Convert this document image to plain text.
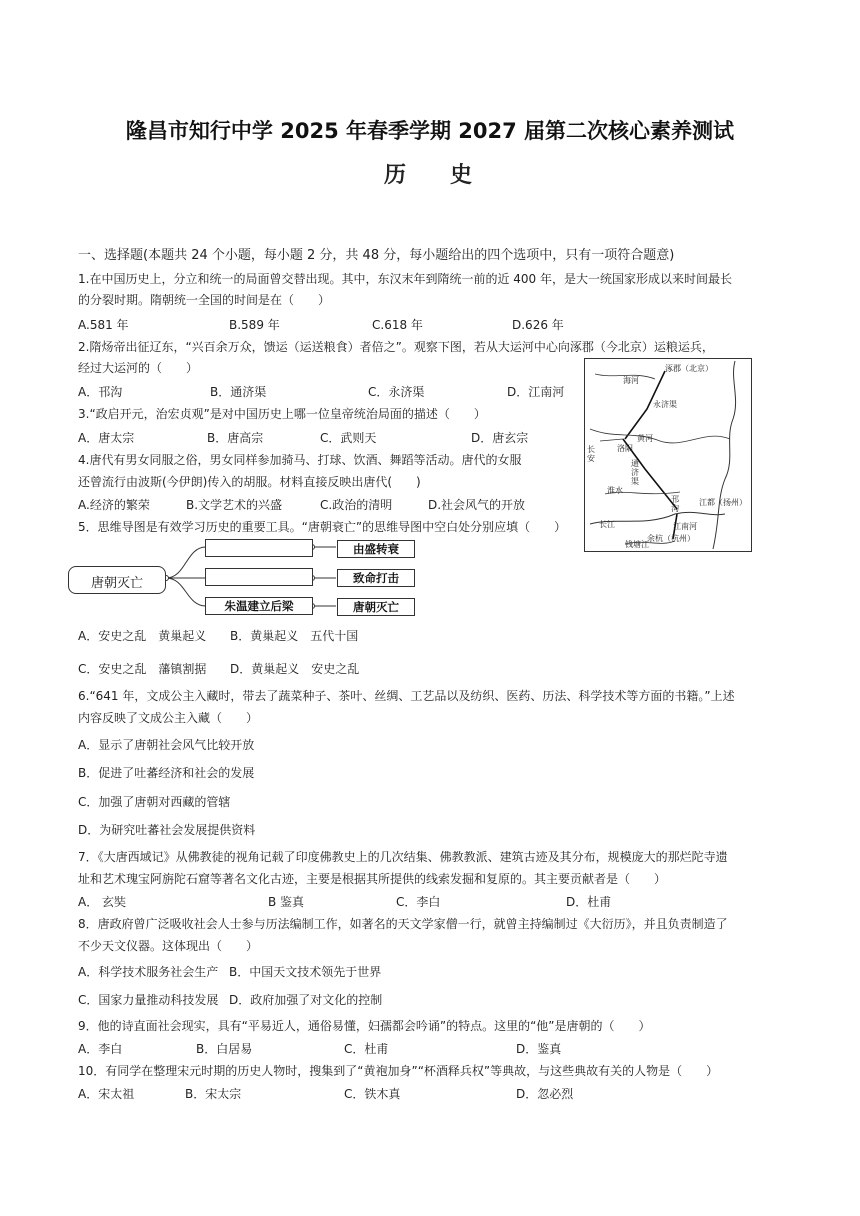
隆昌市知行中学 2025 年春季学期 2027 届第二次核心素养测试
历史
一、选择题(本题共 24 个小题，每小题 2 分，共 48 分，每小题给出的四个选项中，只有一项符合题意)
1.在中国历史上，分立和统一的局面曾交替出现。其中，东汉末年到隋统一前的近 400 年，是大一统国家形成以来时间最长
的分裂时期。隋朝统一全国的时间是在（　　）
A.581 年	B.589 年	C.618 年	D.626 年
2.隋炀帝出征辽东，“兴百余万众，馈运（运送粮食）者倍之”。观察下图，若从大运河中心向涿郡（今北京）运粮运兵，
经过大运河的（　　）
A．邗沟	B．通济渠	C．永济渠	D．江南河
3.“政启开元，治宏贞观”是对中国历史上哪一位皇帝统治局面的描述（　　）
A．唐太宗	B．唐高宗	C．武则天	D．唐玄宗
4.唐代有男女同服之俗，男女同样参加骑马、打球、饮酒、舞蹈等活动。唐代的女服
还曾流行由波斯(今伊朗)传入的胡服。材料直接反映出唐代(　　)
A.经济的繁荣	B.文学艺术的兴盛	C.政治的清明	D.社会风气的开放
5．思维导图是有效学习历史的重要工具。“唐朝衰亡”的思维导图中空白处分别应填（　　）
唐朝灭亡
朱温建立后梁
由盛转衰
致命打击
唐朝灭亡
A．安史之乱　黄巢起义 B．黄巢起义　五代十国
C．安史之乱　藩镇割据 D．黄巢起义　安史之乱
涿郡（北京）
永济渠
洛阳
长安
通济渠
淮水
邗沟
江都（扬州）
长江	江南河
余杭（杭州）
钱塘江
黄河
海河
6.“641 年，文成公主入藏时，带去了蔬菜种子、茶叶、丝绸、工艺品以及纺织、医药、历法、科学技术等方面的书籍。”上述
内容反映了文成公主入藏（　　）
A．显示了唐朝社会风气比较开放
B．促进了吐蕃经济和社会的发展
C．加强了唐朝对西藏的管辖
D．为研究吐蕃社会发展提供资料
7．《大唐西域记》从佛教徒的视角记载了印度佛教史上的几次结集、佛教教派、建筑古迹及其分布，规模庞大的那烂陀寺遗
址和艺术瑰宝阿旃陀石窟等著名文化古迹，主要是根据其所提供的线索发掘和复原的。其主要贡献者是（　　）
A． 玄奘	B 鉴真	C．李白	D．杜甫
8．唐政府曾广泛吸收社会人士参与历法编制工作，如著名的天文学家僧一行，就曾主持编制过《大衍历》，并且负责制造了
不少天文仪器。这体现出（　　）
A．科学技术服务社会生产 B．中国天文技术领先于世界
C．国家力量推动科技发展 D．政府加强了对文化的控制
9．他的诗直面社会现实，具有“平易近人，通俗易懂，妇孺都会吟诵”的特点。这里的“他”是唐朝的（　　）
A．李白	B．白居易	C．杜甫	D．鉴真
10．有同学在整理宋元时期的历史人物时，搜集到了“黄袍加身”“杯酒释兵权”等典故，与这些典故有关的人物是（　　）
A．宋太祖	B．宋太宗	C．铁木真	D．忽必烈
